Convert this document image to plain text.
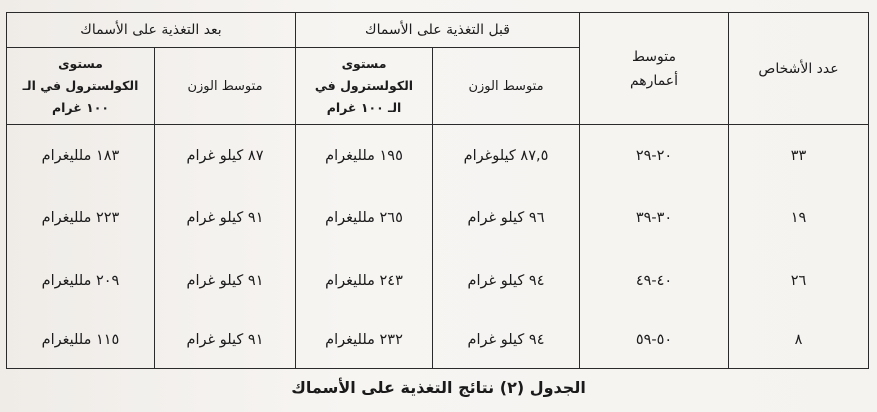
عدد الأشخاص	متوسط أعمارهم	قبل التغذية على الأسماك		بعد التغذية على الأسماك	
		متوسط الوزن	مستوى الكولسترول في الـ ١٠٠ غرام	متوسط الوزن	مستوى الكولسترول في الـ ١٠٠ غرام
٣٣	٢٠-٢٩	٨٧,٥ كيلوغرام	١٩٥ ملليغرام	٨٧ كيلو غرام	١٨٣ ملليغرام
١٩	٣٠-٣٩	٩٦ كيلو غرام	٢٦٥ ملليغرام	٩١ كيلو غرام	٢٢٣ ملليغرام
٢٦	٤٠-٤٩	٩٤ كيلو غرام	٢٤٣ ملليغرام	٩١ كيلو غرام	٢٠٩ ملليغرام
٨	٥٠-٥٩	٩٤ كيلو غرام	٢٣٢ ملليغرام	٩١ كيلو غرام	١١٥ ملليغرام
الجدول (٢) نتائج التغذية على الأسماك
